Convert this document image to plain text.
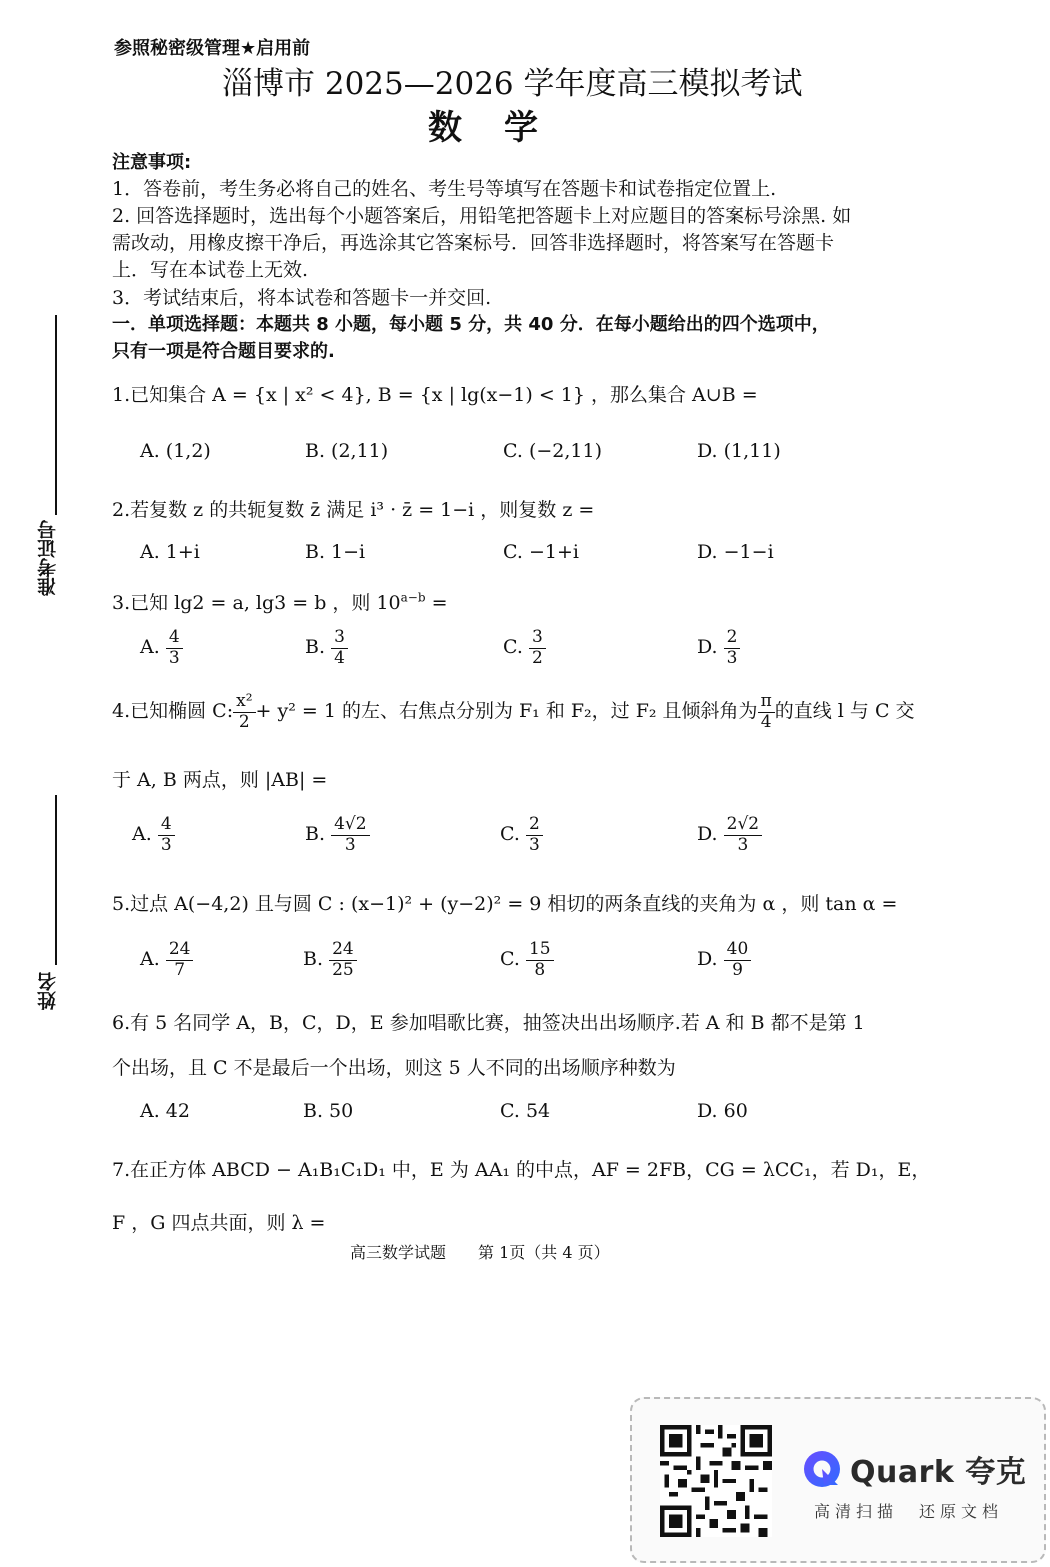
参照秘密级管理★启用前
淄博市 2025—2026 学年度高三模拟考试
数　学
注意事项:
1．答卷前，考生务必将自己的姓名、考生号等填写在答题卡和试卷指定位置上.
2. 回答选择题时，选出每个小题答案后，用铅笔把答题卡上对应题目的答案标号涂黑. 如
需改动，用橡皮擦干净后，再选涂其它答案标号．回答非选择题时，将答案写在答题卡
上．写在本试卷上无效.
3．考试结束后，将本试卷和答题卡一并交回.
一．单项选择题：本题共 8 小题，每小题 5 分，共 40 分．在每小题给出的四个选项中，
只有一项是符合题目要求的.
准考证号
姓名
1.已知集合 A = {x | x² < 4}, B = {x | lg(x−1) < 1} ，那么集合 A∪B =
A. (1,2)	B. (2,11)	C. (−2,11)	D. (1,11)
2.若复数 z 的共轭复数 z̄ 满足 i³ · z̄ = 1−i ，则复数 z =
A. 1+i	B. 1−i	C. −1+i	D. −1−i
3.已知 lg2 = a, lg3 = b ，则 $10^{a-b}$ =
A. $\frac{4}{3}$	B. $\frac{3}{4}$	C. $\frac{3}{2}$	D. $\frac{2}{3}$
4.已知椭圆 C: $\frac{\text{x²}}{2} + y^2 = 1$ 的左、右焦点分别为 F₁ 和 F₂，过 F₂ 且倾斜角为 $\frac{\pi}{4}$ 的直线 l 与 C 交
于 A, B 两点，则 |AB| =
A. $\frac{4}{3}$	B. $\frac{4√2}{3}$	C. $\frac{2}{3}$	D. $\frac{2√2}{3}$
5.过点 A(−4,2) 且与圆 C : (x−1)² + (y−2)² = 9 相切的两条直线的夹角为 α ，则 tan α =
A. $\frac{24}{7}$	B. $\frac{24}{25}$	C. $\frac{15}{8}$	D. $\frac{40}{9}$
6.有 5 名同学 A，B，C，D，E 参加唱歌比赛，抽签决出出场顺序.若 A 和 B 都不是第 1
个出场，且 C 不是最后一个出场，则这 5 人不同的出场顺序种数为
A. 42	B. 50	C. 54	D. 60
7.在正方体 ABCD − A₁B₁C₁D₁ 中，E 为 AA₁ 的中点，AF = 2FB，CG = λCC₁，若 D₁，E，
F ，G 四点共面，则 λ =
高三数学试题　　第 1页（共 4 页）
Quark 夸克
高清扫描　还原文档
